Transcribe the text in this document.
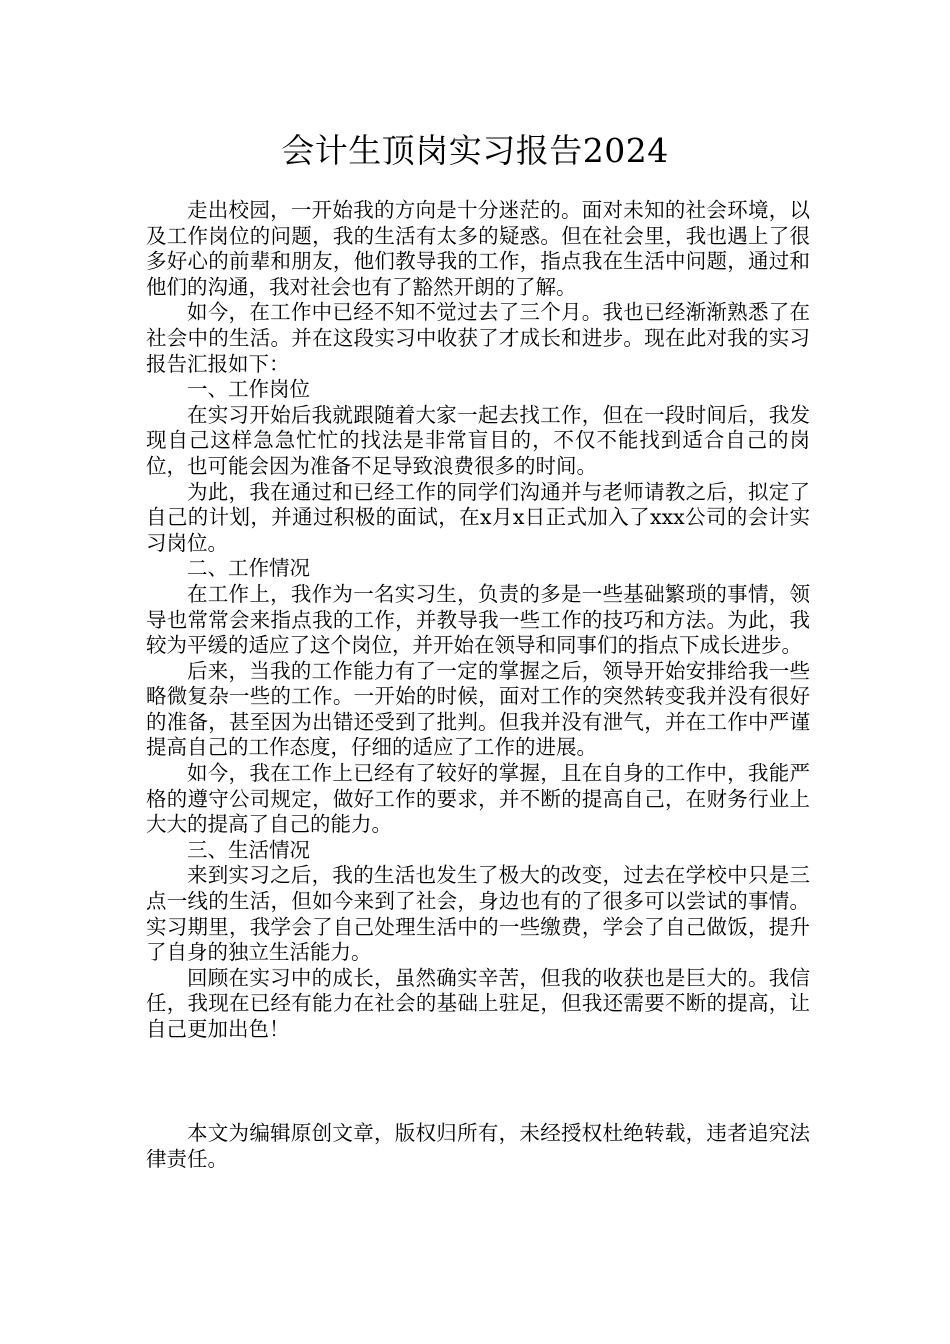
会计生顶岗实习报告2024

走出校园，一开始我的方向是十分迷茫的。面对未知的社会环境，以及工作岗位的问题，我的生活有太多的疑惑。但在社会里，我也遇上了很多好心的前辈和朋友，他们教导我的工作，指点我在生活中问题，通过和他们的沟通，我对社会也有了豁然开朗的了解。

如今，在工作中已经不知不觉过去了三个月。我也已经渐渐熟悉了在社会中的生活。并在这段实习中收获了才成长和进步。现在此对我的实习报告汇报如下：

一、工作岗位

在实习开始后我就跟随着大家一起去找工作，但在一段时间后，我发现自己这样急急忙忙的找法是非常盲目的，不仅不能找到适合自己的岗位，也可能会因为准备不足导致浪费很多的时间。

为此，我在通过和已经工作的同学们沟通并与老师请教之后，拟定了自己的计划，并通过积极的面试，在x月x日正式加入了xxx公司的会计实习岗位。

二、工作情况

在工作上，我作为一名实习生，负责的多是一些基础繁琐的事情，领导也常常会来指点我的工作，并教导我一些工作的技巧和方法。为此，我较为平缓的适应了这个岗位，并开始在领导和同事们的指点下成长进步。

后来，当我的工作能力有了一定的掌握之后，领导开始安排给我一些略微复杂一些的工作。一开始的时候，面对工作的突然转变我并没有很好的准备，甚至因为出错还受到了批判。但我并没有泄气，并在工作中严谨提高自己的工作态度，仔细的适应了工作的进展。

如今，我在工作上已经有了较好的掌握，且在自身的工作中，我能严格的遵守公司规定，做好工作的要求，并不断的提高自己，在财务行业上大大的提高了自己的能力。

三、生活情况

来到实习之后，我的生活也发生了极大的改变，过去在学校中只是三点一线的生活，但如今来到了社会，身边也有的了很多可以尝试的事情。实习期里，我学会了自己处理生活中的一些缴费，学会了自己做饭，提升了自身的独立生活能力。

回顾在实习中的成长，虽然确实辛苦，但我的收获也是巨大的。我信任，我现在已经有能力在社会的基础上驻足，但我还需要不断的提高，让自己更加出色！

本文为编辑原创文章，版权归所有，未经授权杜绝转载，违者追究法律责任。
